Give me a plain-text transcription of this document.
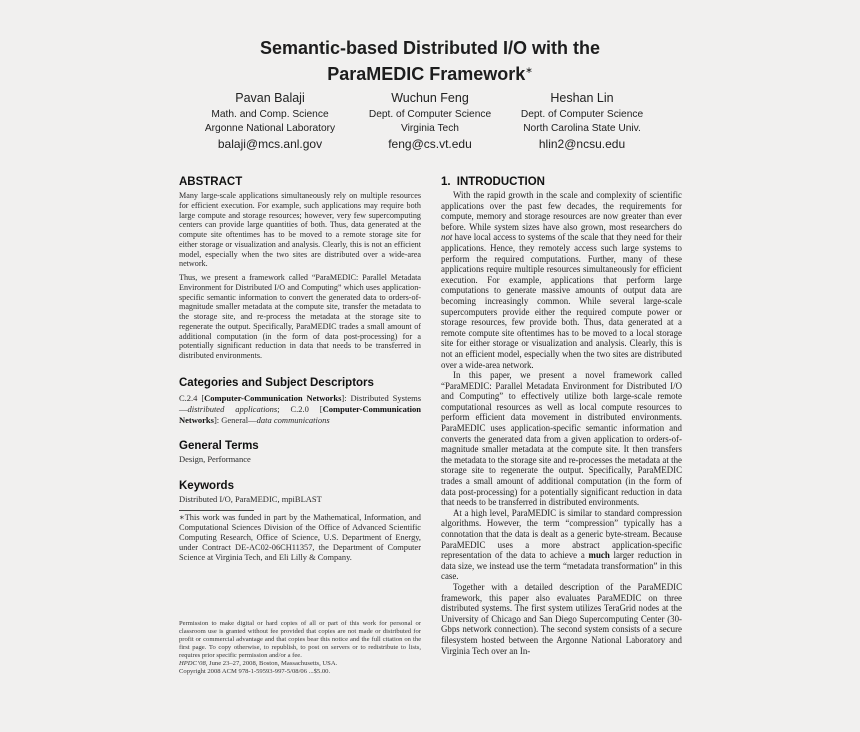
Semantic-based Distributed I/O with the
ParaMEDIC Framework∗
Pavan Balaji
Math. and Comp. Science
Argonne National Laboratory
balaji@mcs.anl.gov
Wuchun Feng
Dept. of Computer Science
Virginia Tech
feng@cs.vt.edu
Heshan Lin
Dept. of Computer Science
North Carolina State Univ.
hlin2@ncsu.edu
ABSTRACT
Many large-scale applications simultaneously rely on multiple resources for efficient execution. For example, such applications may require both large compute and storage resources; however, very few supercomputing centers can provide large quantities of both. Thus, data generated at the compute site oftentimes has to be moved to a remote storage site for either storage or visualization and analysis. Clearly, this is not an efficient model, especially when the two sites are distributed over a wide-area network.
Thus, we present a framework called “ParaMEDIC: Parallel Metadata Environment for Distributed I/O and Computing” which uses application-specific semantic information to convert the generated data to orders-of-magnitude smaller metadata at the compute site, transfer the metadata to the storage site, and re-process the metadata at the storage site to regenerate the output. Specifically, ParaMEDIC trades a small amount of additional computation (in the form of data post-processing) for a potentially significant reduction in data that needs to be transferred in distributed environments.
Categories and Subject Descriptors
C.2.4 [Computer-Communication Networks]: Distributed Systems—distributed applications; C.2.0 [Computer-Communication Networks]: General—data communications
General Terms
Design, Performance
Keywords
Distributed I/O, ParaMEDIC, mpiBLAST
∗This work was funded in part by the Mathematical, Information, and Computational Sciences Division of the Office of Advanced Scientific Computing Research, Office of Science, U.S. Department of Energy, under Contract DE-AC02-06CH11357, the Department of Computer Science at Virginia Tech, and Eli Lilly & Company.
Permission to make digital or hard copies of all or part of this work for personal or classroom use is granted without fee provided that copies are not made or distributed for profit or commercial advantage and that copies bear this notice and the full citation on the first page. To copy otherwise, to republish, to post on servers or to redistribute to lists, requires prior specific permission and/or a fee.
HPDC’08, June 23–27, 2008, Boston, Massachusetts, USA.
Copyright 2008 ACM 978-1-59593-997-5/08/06 ...$5.00.
1. INTRODUCTION
With the rapid growth in the scale and complexity of scientific applications over the past few decades, the requirements for compute, memory and storage resources are now greater than ever before. While system sizes have also grown, most researchers do not have local access to systems of the scale that they need for their applications. Hence, they remotely access such large systems to perform the required computations. Further, many of these applications require multiple resources simultaneously for efficient execution. For example, applications that perform large computations to generate massive amounts of output data are becoming increasingly common. While several large-scale supercomputers provide either the required compute power or storage resources, few provide both. Thus, data generated at a remote compute site oftentimes has to be moved to a local storage site for either storage or visualization and analysis. Clearly, this is not an efficient model, especially when the two sites are distributed over a wide-area network.
In this paper, we present a novel framework called “ParaMEDIC: Parallel Metadata Environment for Distributed I/O and Computing” to effectively utilize both large-scale remote computational resources as well as local compute resources to perform efficient data movement in distributed environments. ParaMEDIC uses application-specific semantic information and converts the generated data from a given application to orders-of-magnitude smaller metadata at the compute site. It then transfers the metadata to the storage site and re-processes the metadata at the storage site to regenerate the output. Specifically, ParaMEDIC trades a small amount of additional computation (in the form of data post-processing) for a potentially significant reduction in data that needs to be transferred in distributed environments.
At a high level, ParaMEDIC is similar to standard compression algorithms. However, the term “compression” typically has a connotation that the data is dealt as a generic byte-stream. Because ParaMEDIC uses a more abstract application-specific representation of the data to achieve a much larger reduction in data size, we instead use the term “metadata transformation” in this case.
Together with a detailed description of the ParaMEDIC framework, this paper also evaluates ParaMEDIC on three distributed systems. The first system utilizes TeraGrid nodes at the University of Chicago and San Diego Supercomputing Center (30-Gbps network connection). The second system consists of a secure filesystem hosted between the Argonne National Laboratory and Virginia Tech over an In-
